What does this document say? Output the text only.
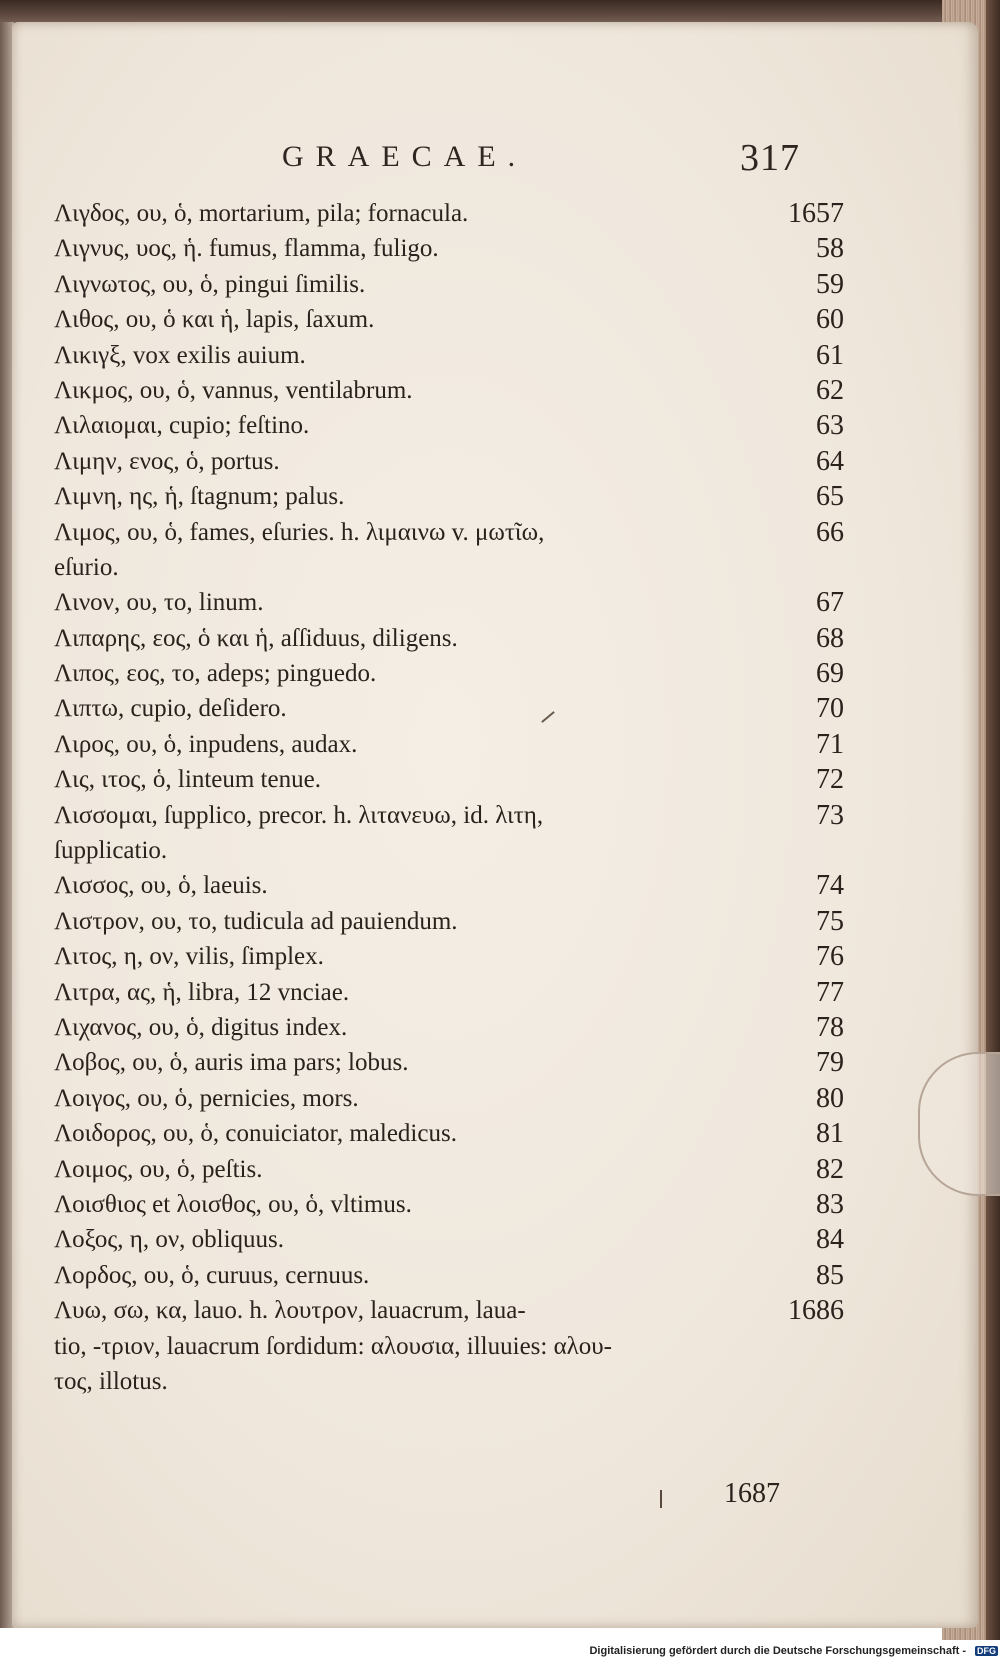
GRAECAE.	317
Λιγδος, ου, ὁ, mortarium, pila; fornacula.	1657
Λιγνυς, υος, ἡ. fumus, flamma, fuligo.	58
Λιγνωτος, ου, ὁ, pingui ſimilis.	59
Λιθος, ου, ὁ και ἡ, lapis, ſaxum.	60
Λικιγξ, vox exilis auium.	61
Λικμος, ου, ὁ, vannus, ventilabrum.	62
Λιλαιομαι, cupio; feſtino.	63
Λιμην, ενος, ὁ, portus.	64
Λιμνη, ης, ἡ, ſtagnum; palus.	65
Λιμος, ου, ὁ, fames, eſuries. h. λιμαινω v. μωτῖω,	66
eſurio.
Λινον, ου, το, linum.	67
Λιπαρης, εος, ὁ και ἡ, aſſiduus, diligens.	68
Λιπος, εος, το, adeps; pinguedo.	69
Λιπτω, cupio, deſidero.	70
Λιρος, ου, ὁ, inpudens, audax.	71
Λις, ιτος, ὁ, linteum tenue.	72
Λισσομαι, ſupplico, precor. h. λιτανευω, id. λιτη,	73
ſupplicatio.
Λισσος, ου, ὁ, laeuis.	74
Λιστρον, ου, το, tudicula ad pauiendum.	75
Λιτος, η, ον, vilis, ſimplex.	76
Λιτρα, ας, ἡ, libra, 12 vnciae.	77
Λιχανος, ου, ὁ, digitus index.	78
Λοβος, ου, ὁ, auris ima pars; lobus.	79
Λοιγος, ου, ὁ, pernicies, mors.	80
Λοιδορος, ου, ὁ, conuiciator, maledicus.	81
Λοιμος, ου, ὁ, peſtis.	82
Λοισθιος et λοισθος, ου, ὁ, vltimus.	83
Λοξος, η, ον, obliquus.	84
Λορδος, ου, ὁ, curuus, cernuus.	85
Λυω, σω, κα, lauo. h. λουτρον, lauacrum, laua-	1686
tio, -τριον, lauacrum ſordidum: αλουσια, illuuies: αλου-
τος, illotus.
1687
Digitalisierung gefördert durch die Deutsche Forschungsgemeinschaft - DFG
